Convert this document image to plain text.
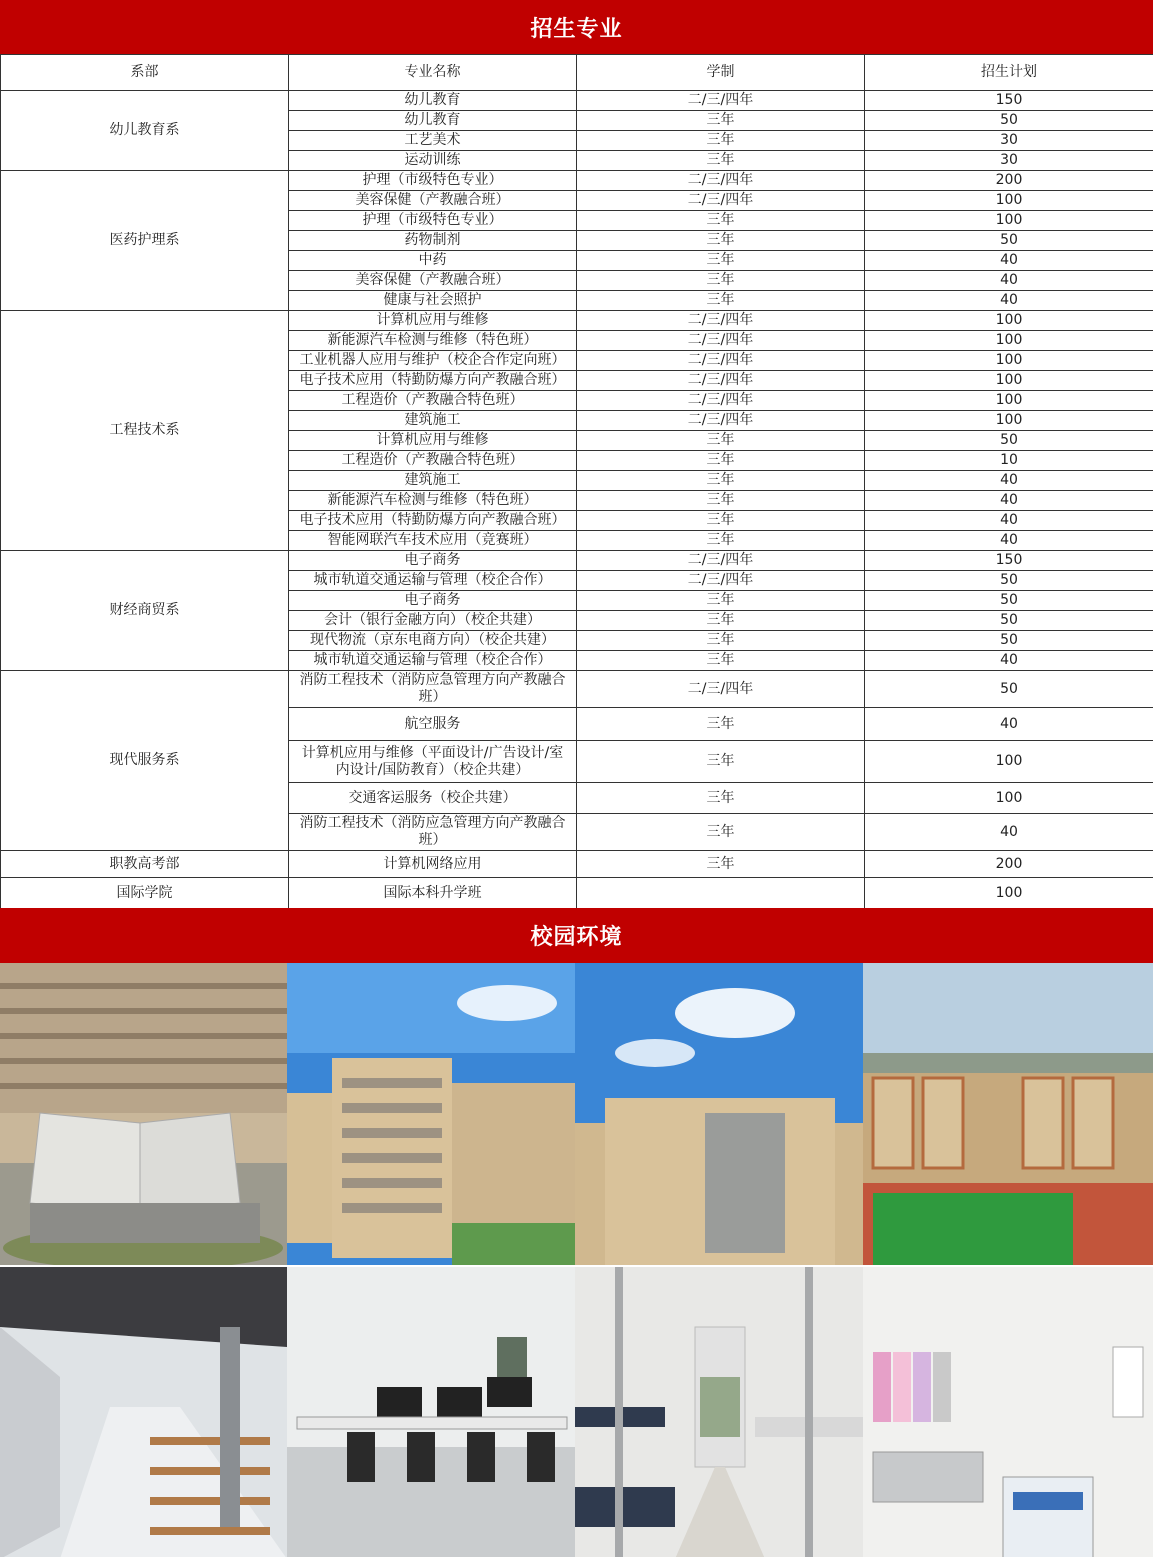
招生专业
系部	专业名称	学制	招生计划
幼儿教育系	幼儿教育	二/三/四年	150
	幼儿教育	三年	50
	工艺美术	三年	30
	运动训练	三年	30
医药护理系	护理（市级特色专业）	二/三/四年	200
	美容保健（产教融合班）	二/三/四年	100
	护理（市级特色专业）	三年	100
	药物制剂	三年	50
	中药	三年	40
	美容保健（产教融合班）	三年	40
	健康与社会照护	三年	40
工程技术系	计算机应用与维修	二/三/四年	100
	新能源汽车检测与维修（特色班）	二/三/四年	100
	工业机器人应用与维护（校企合作定向班）	二/三/四年	100
	电子技术应用（特勤防爆方向产教融合班）	二/三/四年	100
	工程造价（产教融合特色班）	二/三/四年	100
	建筑施工	二/三/四年	100
	计算机应用与维修	三年	50
	工程造价（产教融合特色班）	三年	10
	建筑施工	三年	40
	新能源汽车检测与维修（特色班）	三年	40
	电子技术应用（特勤防爆方向产教融合班）	三年	40
	智能网联汽车技术应用（竞赛班）	三年	40
财经商贸系	电子商务	二/三/四年	150
	城市轨道交通运输与管理（校企合作）	二/三/四年	50
	电子商务	三年	50
	会计（银行金融方向）（校企共建）	三年	50
	现代物流（京东电商方向）（校企共建）	三年	50
	城市轨道交通运输与管理（校企合作）	三年	40
现代服务系	消防工程技术（消防应急管理方向产教融合班）	二/三/四年	50
	航空服务	三年	40
	计算机应用与维修（平面设计/广告设计/室内设计/国防教育）（校企共建）	三年	100
	交通客运服务（校企共建）	三年	100
	消防工程技术（消防应急管理方向产教融合班）	三年	40
职教高考部	计算机网络应用	三年	200
国际学院	国际本科升学班		100
校园环境
